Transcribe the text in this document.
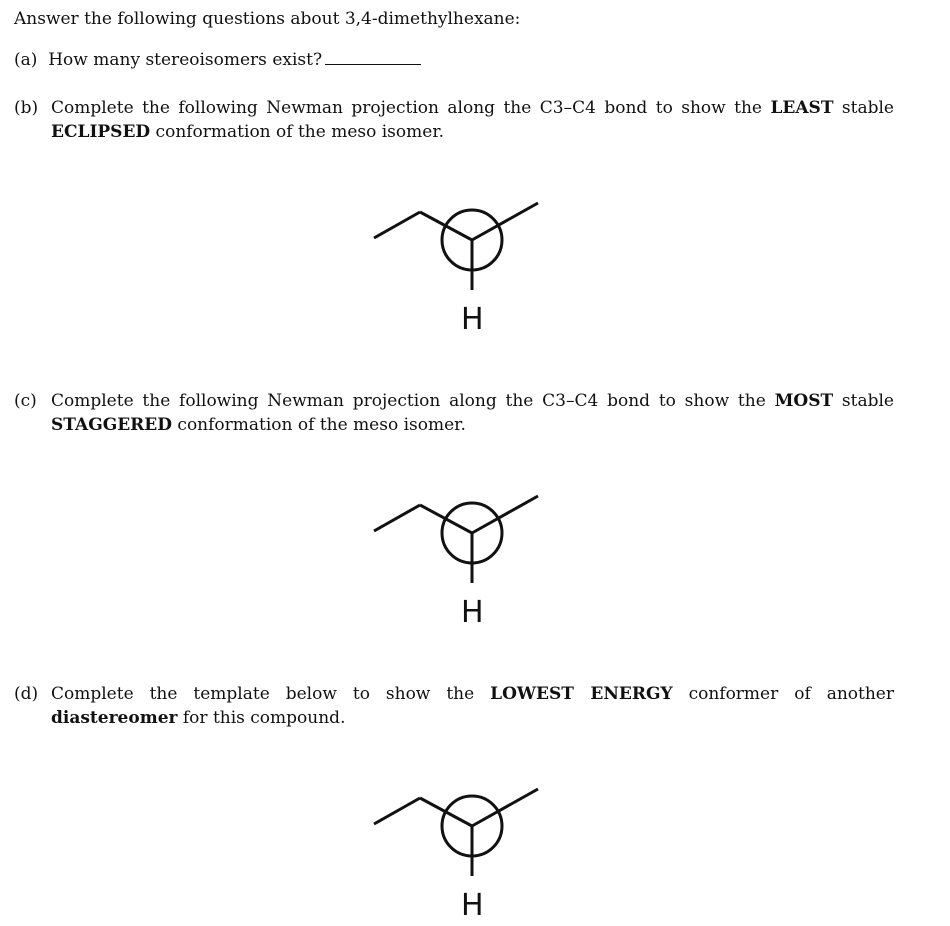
Answer the following questions about 3,4-dimethylhexane:
(a) How many stereoisomers exist?
(b) Complete the following Newman projection along the C3–C4 bond to show the LEAST stable ECLIPSED conformation of the meso isomer.

H
(c) Complete the following Newman projection along the C3–C4 bond to show the MOST stable STAGGERED conformation of the meso isomer.

H
(d) Complete the template below to show the LOWEST ENERGY conformer of another diastereomer for this compound.

H
